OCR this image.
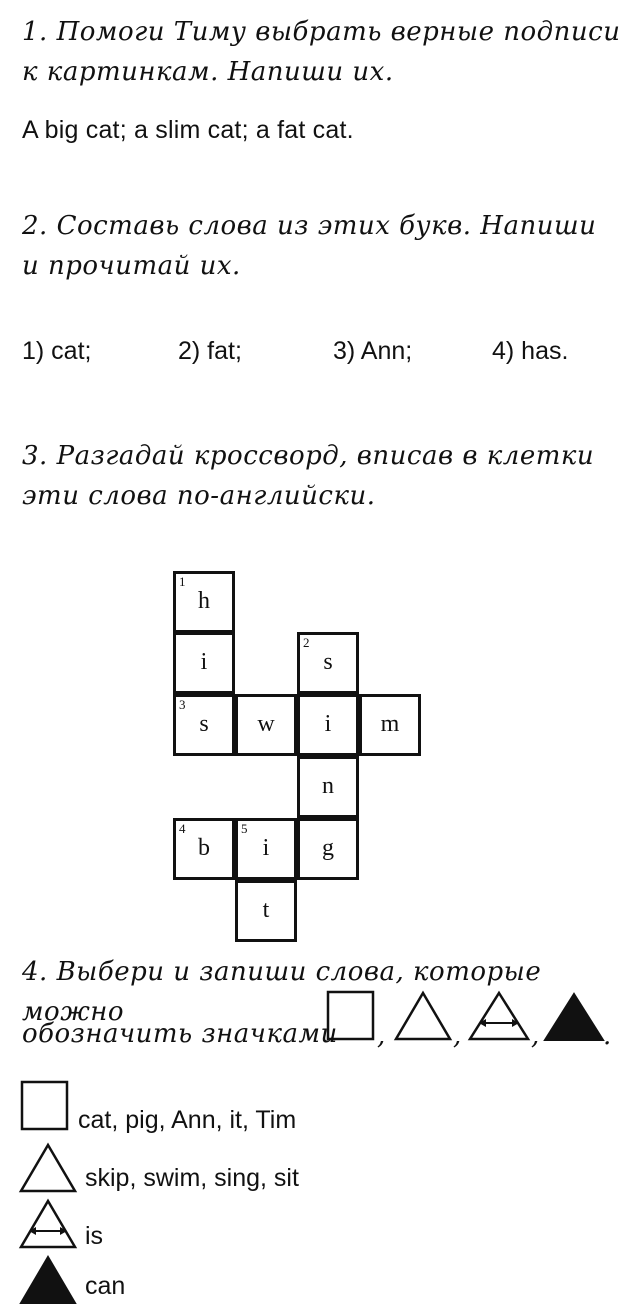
1. Помоги Тиму выбрать верные подписи
к картинкам. Напиши их.
A big cat; a slim cat; a fat cat.
2. Составь слова из этих букв. Напиши
и прочитай их.
1) cat;	2) fat;	3) Ann;	4) has.
3. Разгадай кроссворд, вписав в клетки
эти слова по-английски.
1
h
i
2
s
3
s	w	i	m
n
4
b
5
i	g
t
4. Выбери и запиши слова, которые можно
обозначить значками ,	,	, .
cat, pig, Ann, it, Tim
skip, swim, sing, sit
is
can
